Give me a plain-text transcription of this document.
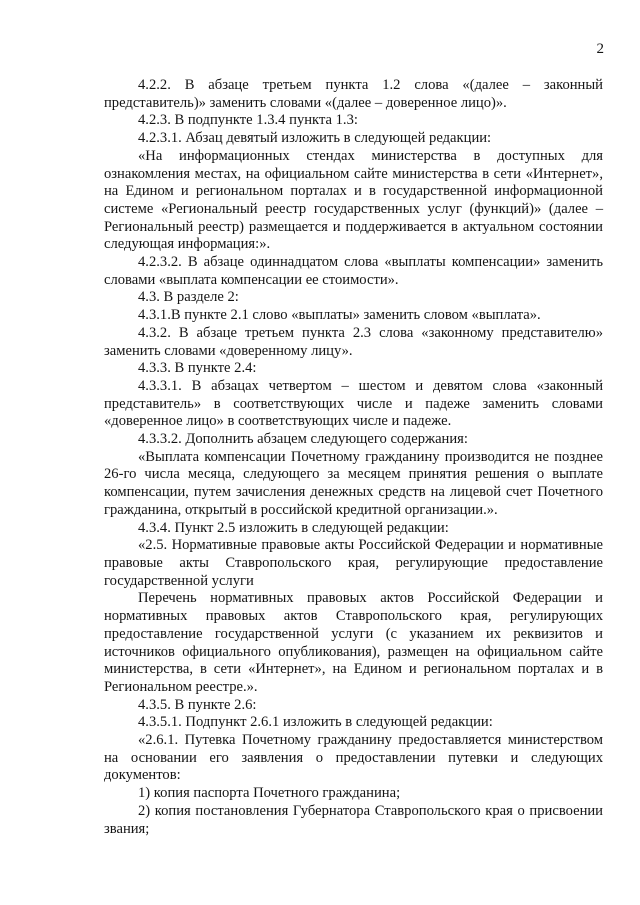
2

4.2.2. В абзаце третьем пункта 1.2 слова «(далее – законный представитель)» заменить словами «(далее – доверенное лицо)».

4.2.3. В подпункте 1.3.4 пункта 1.3:

4.2.3.1. Абзац девятый изложить в следующей редакции:

«На информационных стендах министерства в доступных для ознакомления местах, на официальном сайте министерства в сети «Интернет», на Едином и региональном порталах и в государственной информационной системе «Региональный реестр государственных услуг (функций)» (далее – Региональный реестр) размещается и поддерживается в актуальном состоянии следующая информация:».

4.2.3.2. В абзаце одиннадцатом слова «выплаты компенсации» заменить словами «выплата компенсации ее стоимости».

4.3. В разделе 2:

4.3.1.В пункте 2.1 слово «выплаты» заменить словом «выплата».

4.3.2. В абзаце третьем пункта 2.3 слова «законному представителю» заменить словами «доверенному лицу».

4.3.3. В пункте 2.4:

4.3.3.1. В абзацах четвертом – шестом и девятом слова «законный представитель» в соответствующих числе и падеже заменить словами «доверенное лицо» в соответствующих числе и падеже.

4.3.3.2. Дополнить абзацем следующего содержания:

«Выплата компенсации Почетному гражданину производится не позднее 26-го числа месяца, следующего за месяцем принятия решения о выплате компенсации, путем зачисления денежных средств на лицевой счет Почетного гражданина, открытый в российской кредитной организации.».

4.3.4. Пункт 2.5 изложить в следующей редакции:

«2.5. Нормативные правовые акты Российской Федерации и нормативные правовые акты Ставропольского края, регулирующие предоставление государственной услуги

Перечень нормативных правовых актов Российской Федерации и нормативных правовых актов Ставропольского края, регулирующих предоставление государственной услуги (с указанием их реквизитов и источников официального опубликования), размещен на официальном сайте министерства, в сети «Интернет», на Едином и региональном порталах и в Региональном реестре.».

4.3.5. В пункте 2.6:

4.3.5.1. Подпункт 2.6.1 изложить в следующей редакции:

«2.6.1. Путевка Почетному гражданину предоставляется министерством на основании его заявления о предоставлении путевки и следующих документов:

1) копия паспорта Почетного гражданина;

2) копия постановления Губернатора Ставропольского края о присвоении звания;
